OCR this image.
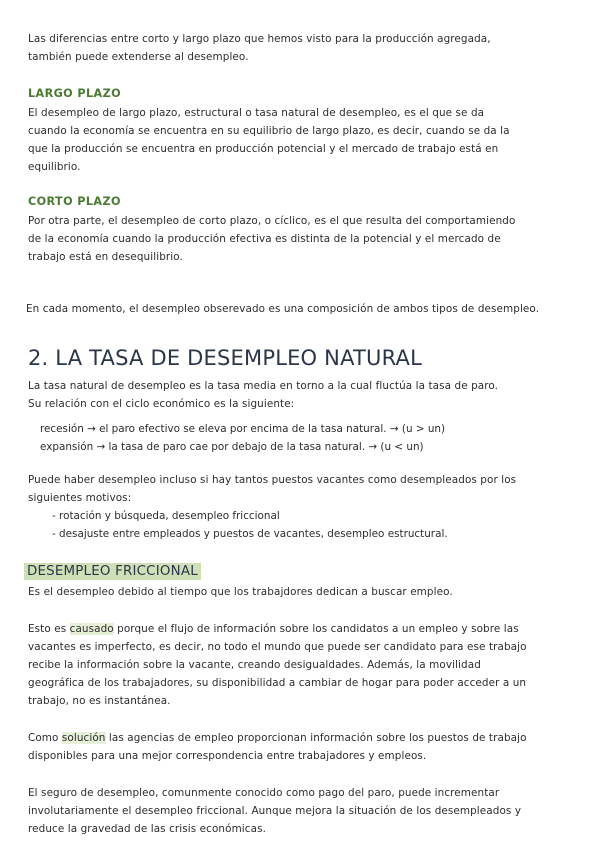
Las diferencias entre corto y largo plazo que hemos visto para la producción agregada,
también puede extenderse al desempleo.
LARGO PLAZO
El desempleo de largo plazo, estructural o tasa natural de desempleo, es el que se da
cuando la economía se encuentra en su equilibrio de largo plazo, es decir, cuando se da la
que la producción se encuentra en producción potencial y el mercado de trabajo está en
equilibrio.
CORTO PLAZO
Por otra parte, el desempleo de corto plazo, o cíclico, es el que resulta del comportamiendo
de la economía cuando la producción efectiva es distinta de la potencial y el mercado de
trabajo está en desequilibrio.
En cada momento, el desempleo obserevado es una composición de ambos tipos de desempleo.
2. LA TASA DE DESEMPLEO NATURAL
La tasa natural de desempleo es la tasa media en torno a la cual fluctúa la tasa de paro.
Su relación con el ciclo económico es la siguiente:
recesión → el paro efectivo se eleva por encima de la tasa natural. → (u > un)
expansión → la tasa de paro cae por debajo de la tasa natural. → (u < un)
Puede haber desempleo incluso si hay tantos puestos vacantes como desempleados por los
siguientes motivos:
- rotación y búsqueda, desempleo friccional
- desajuste entre empleados y puestos de vacantes, desempleo estructural.
DESEMPLEO FRICCIONAL
Es el desempleo debido al tiempo que los trabajdores dedican a buscar empleo.
Esto es causado porque el flujo de información sobre los candidatos a un empleo y sobre las
vacantes es imperfecto, es decir, no todo el mundo que puede ser candidato para ese trabajo
recibe la información sobre la vacante, creando desigualdades. Además, la movilidad
geográfica de los trabajadores, su disponibilidad a cambiar de hogar para poder acceder a un
trabajo, no es instantánea.
Como solución las agencias de empleo proporcionan información sobre los puestos de trabajo
disponibles para una mejor correspondencia entre trabajadores y empleos.
El seguro de desempleo, comunmente conocido como pago del paro, puede incrementar
involutariamente el desempleo friccional. Aunque mejora la situación de los desempleados y
reduce la gravedad de las crisis económicas.
